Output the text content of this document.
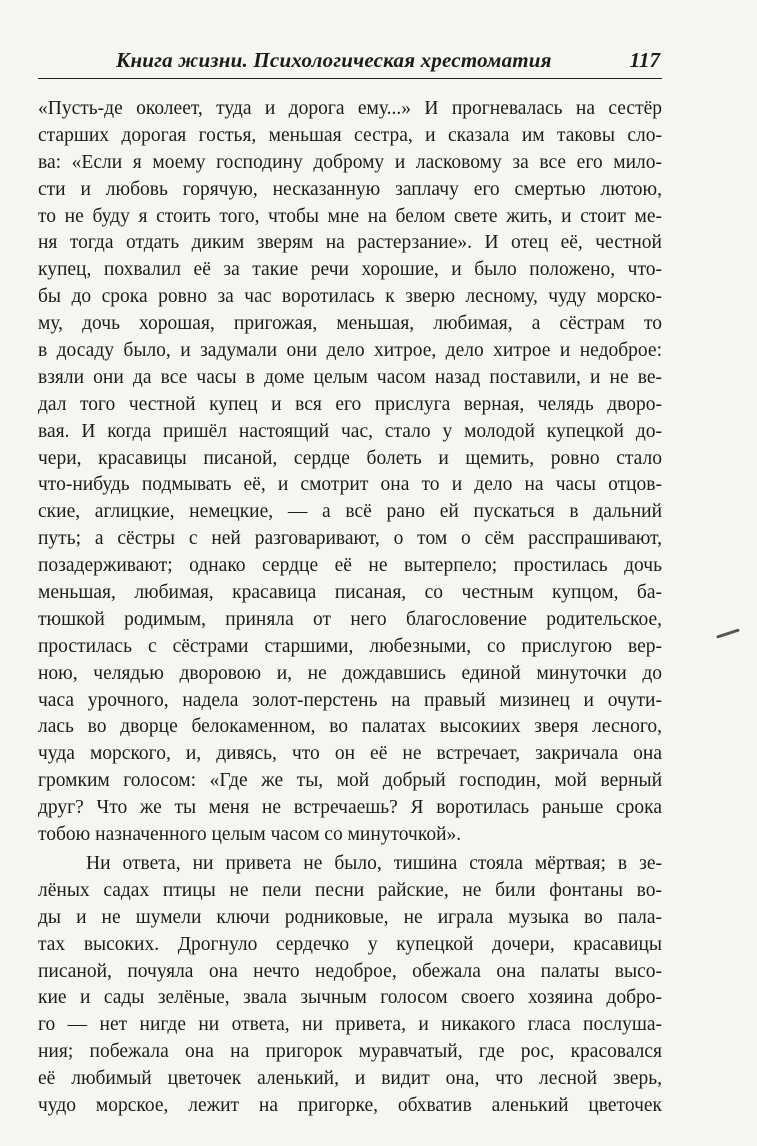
Книга жизни. Психологическая хрестоматия	117
«Пусть-де околеет, туда и дорога ему...» И прогневалась на сестёр
старших дорогая гостья, меньшая сестра, и сказала им таковы сло-
ва: «Если я моему господину доброму и ласковому за все его мило-
сти и любовь горячую, несказанную заплачу его смертью лютою,
то не буду я стоить того, чтобы мне на белом свете жить, и стоит ме-
ня тогда отдать диким зверям на растерзание». И отец её, честной
купец, похвалил её за такие речи хорошие, и было положено, что-
бы до срока ровно за час воротилась к зверю лесному, чуду морско-
му, дочь хорошая, пригожая, меньшая, любимая, а сёстрам то
в досаду было, и задумали они дело хитрое, дело хитрое и недоброе:
взяли они да все часы в доме целым часом назад поставили, и не ве-
дал того честной купец и вся его прислуга верная, челядь дворо-
вая. И когда пришёл настоящий час, стало у молодой купецкой до-
чери, красавицы писаной, сердце болеть и щемить, ровно стало
что-нибудь подмывать её, и смотрит она то и дело на часы отцов-
ские, аглицкие, немецкие, — а всё рано ей пускаться в дальний
путь; а сёстры с ней разговаривают, о том о сём расспрашивают,
позадерживают; однако сердце её не вытерпело; простилась дочь
меньшая, любимая, красавица писаная, со честным купцом, ба-
тюшкой родимым, приняла от него благословение родительское,
простилась с сёстрами старшими, любезными, со прислугою вер-
ною, челядью дворовою и, не дождавшись единой минуточки до
часа урочного, надела золот-перстень на правый мизинец и очути-
лась во дворце белокаменном, во палатах высокиих зверя лесного,
чуда морского, и, дивясь, что он её не встречает, закричала она
громким голосом: «Где же ты, мой добрый господин, мой верный
друг? Что же ты меня не встречаешь? Я воротилась раньше срока
тобою назначенного целым часом со минуточкой».
Ни ответа, ни привета не было, тишина стояла мёртвая; в зе-
лёных садах птицы не пели песни райские, не били фонтаны во-
ды и не шумели ключи родниковые, не играла музыка во пала-
тах высоких. Дрогнуло сердечко у купецкой дочери, красавицы
писаной, почуяла она нечто недоброе, обежала она палаты высо-
кие и сады зелёные, звала зычным голосом своего хозяина добро-
го — нет нигде ни ответа, ни привета, и никакого гласа послуша-
ния; побежала она на пригорок муравчатый, где рос, красовался
её любимый цветочек аленький, и видит она, что лесной зверь,
чудо морское, лежит на пригорке, обхватив аленький цветочек
